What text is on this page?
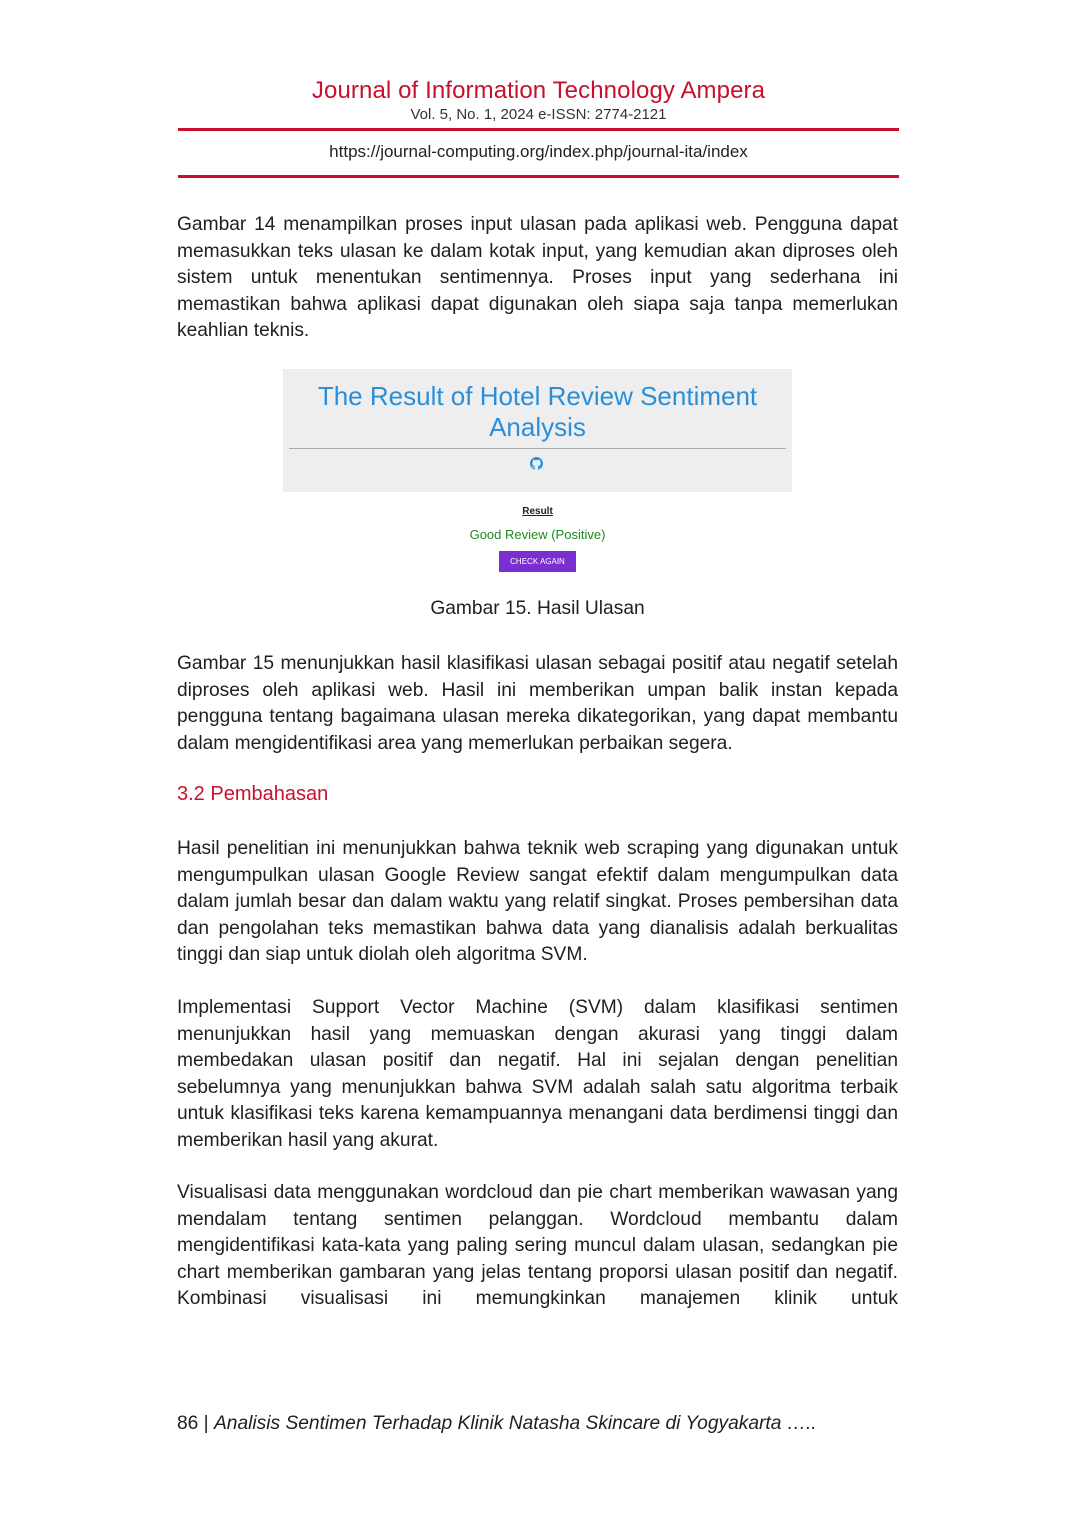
Journal of Information Technology Ampera
Vol. 5, No. 1, 2024 e-ISSN: 2774-2121
https://journal-computing.org/index.php/journal-ita/index

Gambar 14 menampilkan proses input ulasan pada aplikasi web. Pengguna dapat memasukkan teks ulasan ke dalam kotak input, yang kemudian akan diproses oleh sistem untuk menentukan sentimennya. Proses input yang sederhana ini memastikan bahwa aplikasi dapat digunakan oleh siapa saja tanpa memerlukan keahlian teknis.

The Result of Hotel Review Sentiment Analysis
Result
Good Review (Positive)
CHECK AGAIN
Gambar 15. Hasil Ulasan

Gambar 15 menunjukkan hasil klasifikasi ulasan sebagai positif atau negatif setelah diproses oleh aplikasi web. Hasil ini memberikan umpan balik instan kepada pengguna tentang bagaimana ulasan mereka dikategorikan, yang dapat membantu dalam mengidentifikasi area yang memerlukan perbaikan segera.

3.2 Pembahasan

Hasil penelitian ini menunjukkan bahwa teknik web scraping yang digunakan untuk mengumpulkan ulasan Google Review sangat efektif dalam mengumpulkan data dalam jumlah besar dan dalam waktu yang relatif singkat. Proses pembersihan data dan pengolahan teks memastikan bahwa data yang dianalisis adalah berkualitas tinggi dan siap untuk diolah oleh algoritma SVM.

Implementasi Support Vector Machine (SVM) dalam klasifikasi sentimen menunjukkan hasil yang memuaskan dengan akurasi yang tinggi dalam membedakan ulasan positif dan negatif. Hal ini sejalan dengan penelitian sebelumnya yang menunjukkan bahwa SVM adalah salah satu algoritma terbaik untuk klasifikasi teks karena kemampuannya menangani data berdimensi tinggi dan memberikan hasil yang akurat.

Visualisasi data menggunakan wordcloud dan pie chart memberikan wawasan yang mendalam tentang sentimen pelanggan. Wordcloud membantu dalam mengidentifikasi kata-kata yang paling sering muncul dalam ulasan, sedangkan pie chart memberikan gambaran yang jelas tentang proporsi ulasan positif dan negatif. Kombinasi visualisasi ini memungkinkan manajemen klinik untuk

86 | Analisis Sentimen Terhadap Klinik Natasha Skincare di Yogyakarta …..
